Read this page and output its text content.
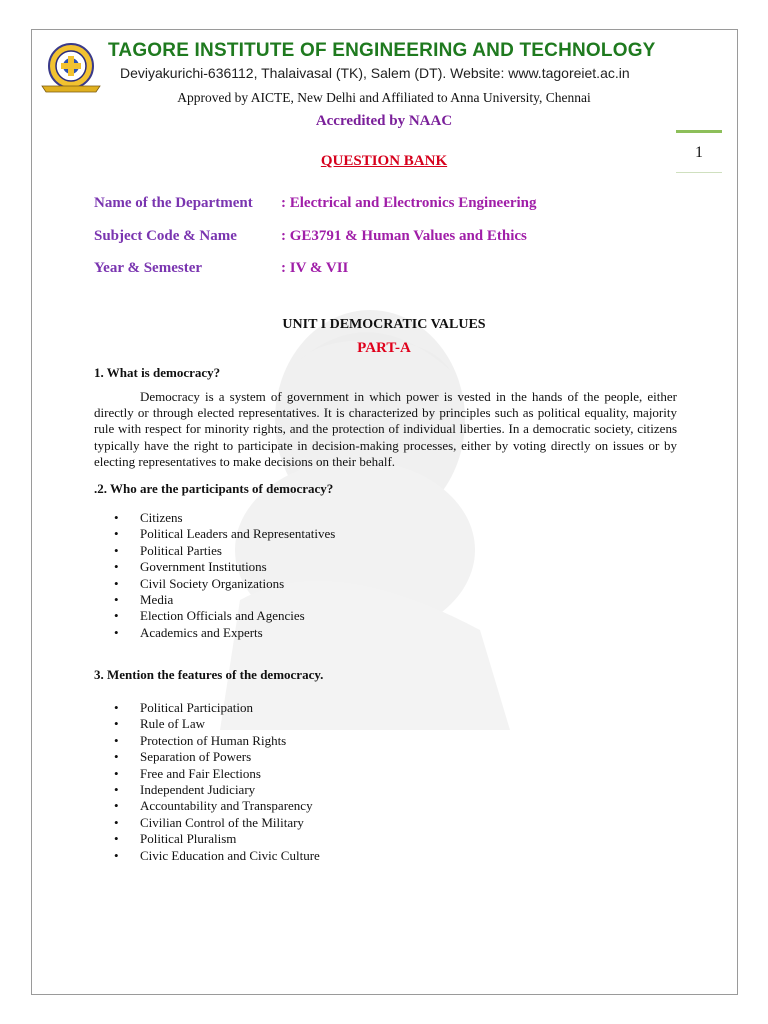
TAGORE INSTITUTE OF ENGINEERING AND TECHNOLOGY
Deviyakurichi-636112, Thalaivasal (TK), Salem (DT). Website: www.tagoreiet.ac.in
Approved by AICTE, New Delhi and Affiliated to Anna University, Chennai
Accredited by NAAC
1
QUESTION BANK
Name of the Department : Electrical and Electronics Engineering
Subject Code & Name	: GE3791 & Human Values and Ethics
Year & Semester	: IV & VII
UNIT I DEMOCRATIC VALUES
PART-A
1. What is democracy?
Democracy is a system of government in which power is vested in the hands of the people, either directly or through elected representatives. It is characterized by principles such as political equality, majority rule with respect for minority rights, and the protection of individual liberties. In a democratic society, citizens typically have the right to participate in decision-making processes, either by voting directly on issues or by electing representatives to make decisions on their behalf.
.2. Who are the participants of democracy?
• Citizens
• Political Leaders and Representatives
• Political Parties
• Government Institutions
• Civil Society Organizations
• Media
• Election Officials and Agencies
• Academics and Experts
3. Mention the features of the democracy.
• Political Participation
• Rule of Law
• Protection of Human Rights
• Separation of Powers
• Free and Fair Elections
• Independent Judiciary
• Accountability and Transparency
• Civilian Control of the Military
• Political Pluralism
• Civic Education and Civic Culture
